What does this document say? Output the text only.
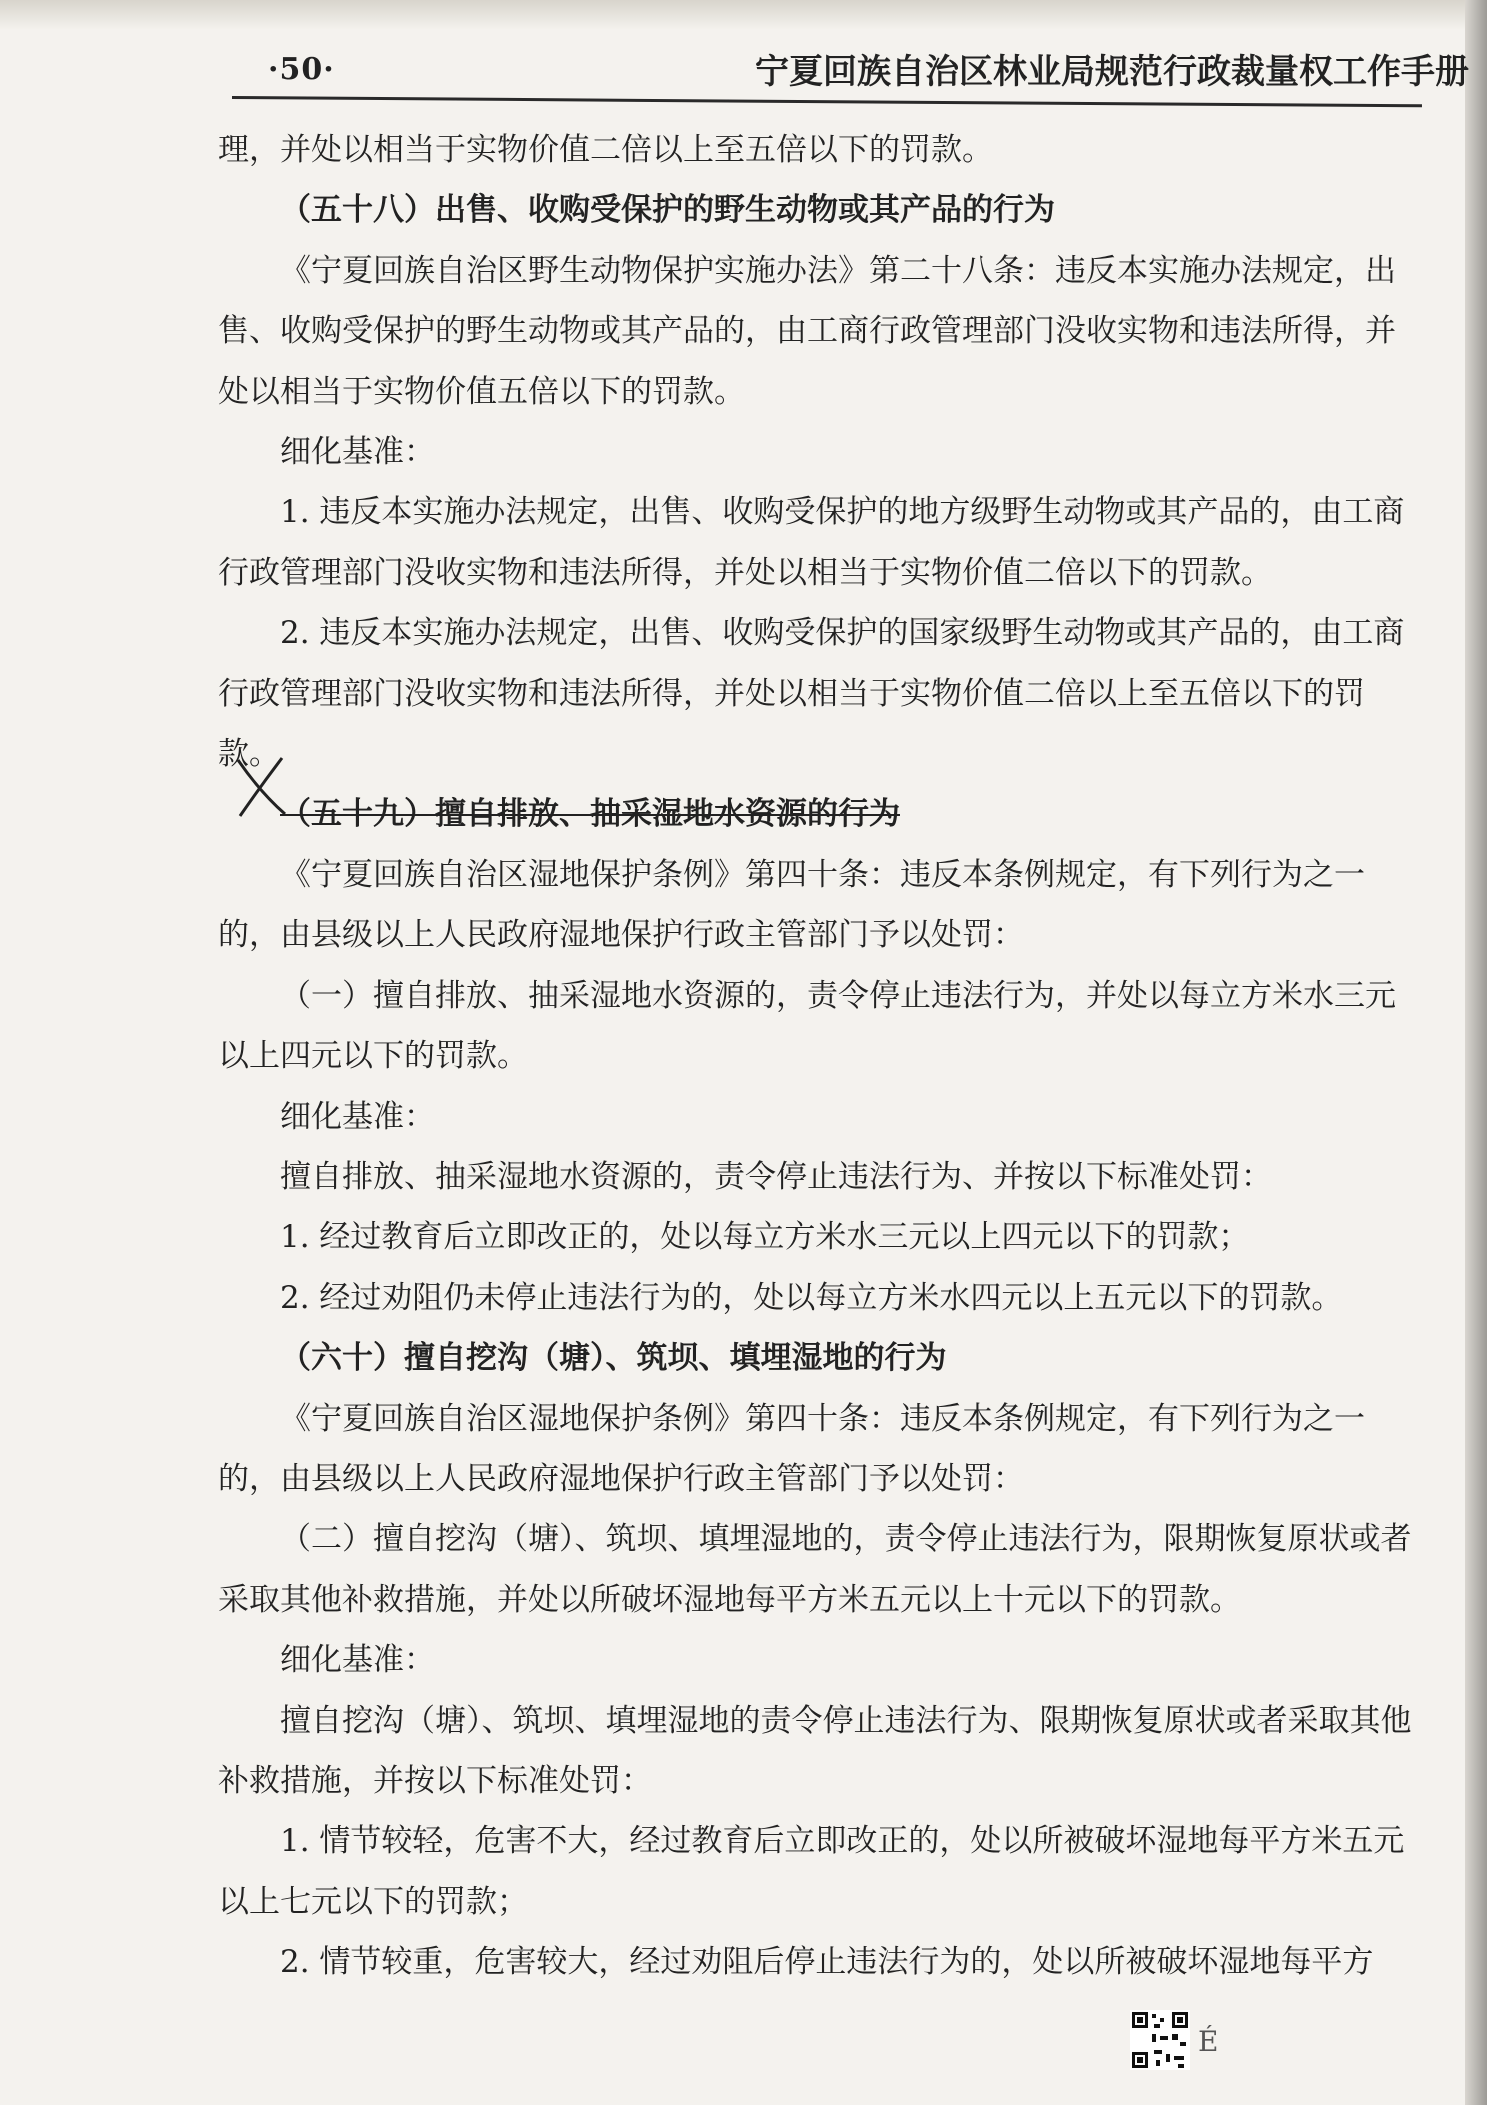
·50·	宁夏回族自治区林业局规范行政裁量权工作手册

理，并处以相当于实物价值二倍以上至五倍以下的罚款。

（五十八）出售、收购受保护的野生动物或其产品的行为

《宁夏回族自治区野生动物保护实施办法》第二十八条：违反本实施办法规定，出售、收购受保护的野生动物或其产品的，由工商行政管理部门没收实物和违法所得，并处以相当于实物价值五倍以下的罚款。

细化基准：

1. 违反本实施办法规定，出售、收购受保护的地方级野生动物或其产品的，由工商行政管理部门没收实物和违法所得，并处以相当于实物价值二倍以下的罚款。

2. 违反本实施办法规定，出售、收购受保护的国家级野生动物或其产品的，由工商行政管理部门没收实物和违法所得，并处以相当于实物价值二倍以上至五倍以下的罚款。

（五十九）擅自排放、抽采湿地水资源的行为

《宁夏回族自治区湿地保护条例》第四十条：违反本条例规定，有下列行为之一的，由县级以上人民政府湿地保护行政主管部门予以处罚：

（一）擅自排放、抽采湿地水资源的，责令停止违法行为，并处以每立方米水三元以上四元以下的罚款。

细化基准：

擅自排放、抽采湿地水资源的，责令停止违法行为、并按以下标准处罚：

1. 经过教育后立即改正的，处以每立方米水三元以上四元以下的罚款；

2. 经过劝阻仍未停止违法行为的，处以每立方米水四元以上五元以下的罚款。

（六十）擅自挖沟（塘）、筑坝、填埋湿地的行为

《宁夏回族自治区湿地保护条例》第四十条：违反本条例规定，有下列行为之一的，由县级以上人民政府湿地保护行政主管部门予以处罚：

（二）擅自挖沟（塘）、筑坝、填埋湿地的，责令停止违法行为，限期恢复原状或者采取其他补救措施，并处以所破坏湿地每平方米五元以上十元以下的罚款。

细化基准：

擅自挖沟（塘）、筑坝、填埋湿地的责令停止违法行为、限期恢复原状或者采取其他补救措施，并按以下标准处罚：

1. 情节较轻，危害不大，经过教育后立即改正的，处以所被破坏湿地每平方米五元以上七元以下的罚款；

2. 情节较重，危害较大，经过劝阻后停止违法行为的，处以所被破坏湿地每平方

É
